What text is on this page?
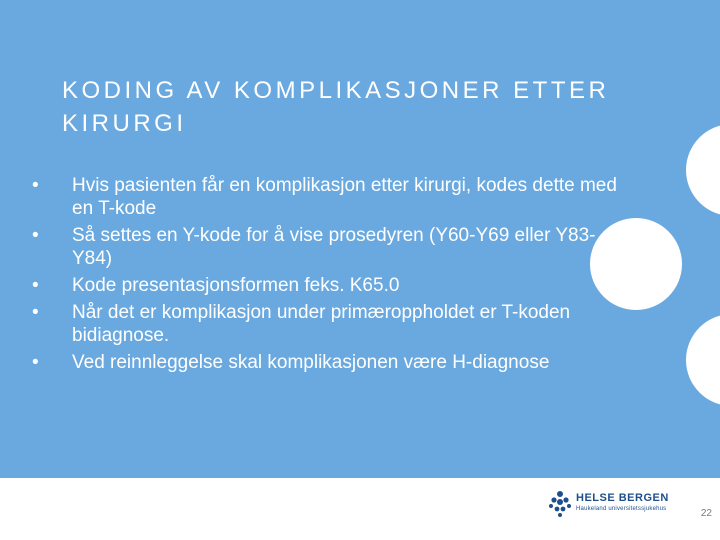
KODING AV KOMPLIKASJONER ETTER KIRURGI
•	Hvis pasienten får en komplikasjon etter kirurgi, kodes dette med en T-kode
•	Så settes en Y-kode for å vise prosedyren (Y60-Y69 eller Y83-Y84)
•	Kode presentasjonsformen feks. K65.0
•	Når det er komplikasjon under primæroppholdet er T-koden bidiagnose.
•	Ved reinnleggelse skal komplikasjonen være H-diagnose
HELSE BERGEN
Haukeland universitetssjukehus	22
